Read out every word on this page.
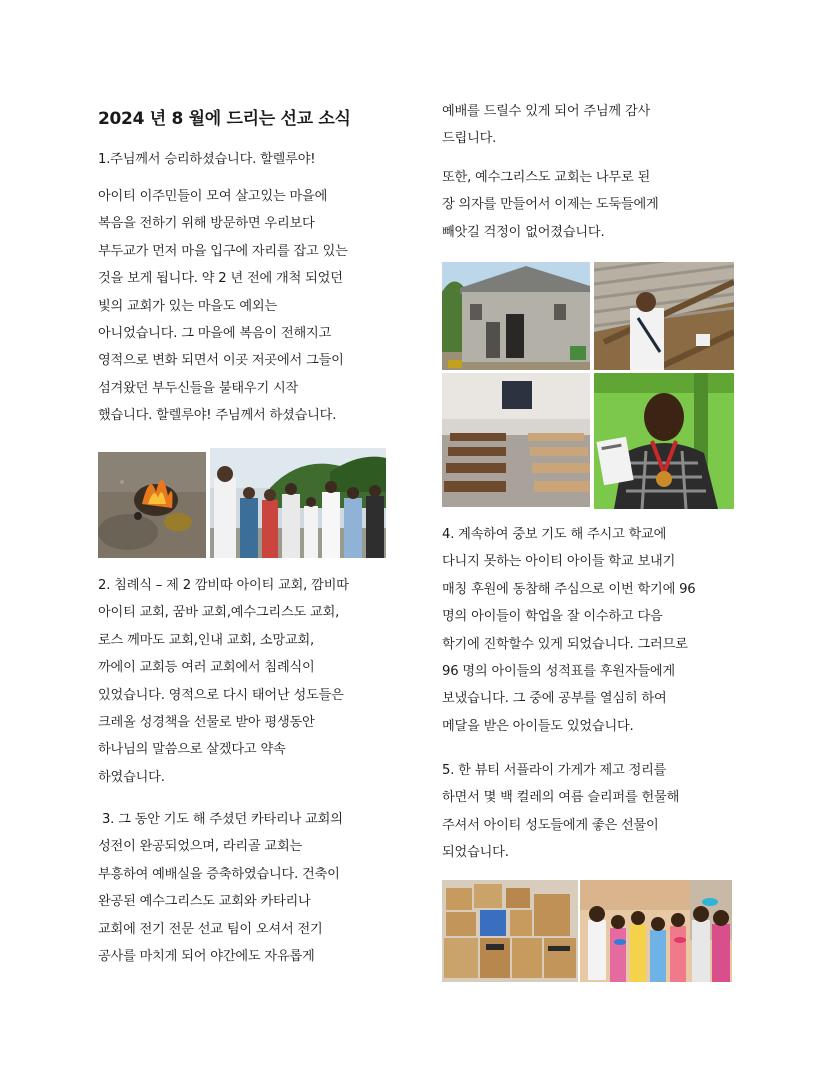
2024 년 8 월에 드리는 선교 소식
1.주님께서 승리하셨습니다. 할렐루야!
아이티 이주민들이 모여 살고있는 마을에
복음을 전하기 위해 방문하면 우리보다
부두교가 먼저 마을 입구에 자리를 잡고 있는
것을 보게 됩니다. 약 2 년 전에 개척 되었던
빛의 교회가 있는 마을도 예외는
아니었습니다. 그 마을에 복음이 전해지고
영적으로 변화 되면서 이곳 저곳에서 그들이
섬겨왔던 부두신들을 불태우기 시작
했습니다. 할렐루야! 주님께서 하셨습니다.
2. 침례식 – 제 2 깜비따 아이티 교회, 깜비따
아이티 교회, 꿈바 교회,예수그리스도 교회,
로스 께마도 교회,인내 교회, 소망교회,
까에이 교회등 여러 교회에서 침례식이
있었습니다. 영적으로 다시 태어난 성도들은
크레올 성경책을 선물로 받아 평생동안
하나님의 말씀으로 살겠다고 약속
하였습니다.
3. 그 동안 기도 해 주셨던 카타리나 교회의
성전이 완공되었으며, 라리골 교회는
부흥하여 예배실을 증축하였습니다. 건축이
완공된 예수그리스도 교회와 카타리나
교회에 전기 전문 선교 팀이 오셔서 전기
공사를 마치게 되어 야간에도 자유롭게
예배를 드릴수 있게 되어 주님께 감사
드립니다.
또한, 예수그리스도 교회는 나무로 된
장 의자를 만들어서 이제는 도둑들에게
빼앗길 걱정이 없어졌습니다.
4. 계속하여 중보 기도 해 주시고 학교에
다니지 못하는 아이티 아이들 학교 보내기
매칭 후원에 동참해 주심으로 이번 학기에 96
명의 아이들이 학업을 잘 이수하고 다음
학기에 진학할수 있게 되었습니다. 그러므로
96 명의 아이들의 성적표를 후원자들에게
보냈습니다. 그 중에 공부를 열심히 하여
메달을 받은 아이들도 있었습니다.
5. 한 뷰티 서플라이 가게가 제고 정리를
하면서 몇 백 컬레의 여름 슬리퍼를 헌물해
주셔서 아이티 성도들에게 좋은 선물이
되었습니다.
